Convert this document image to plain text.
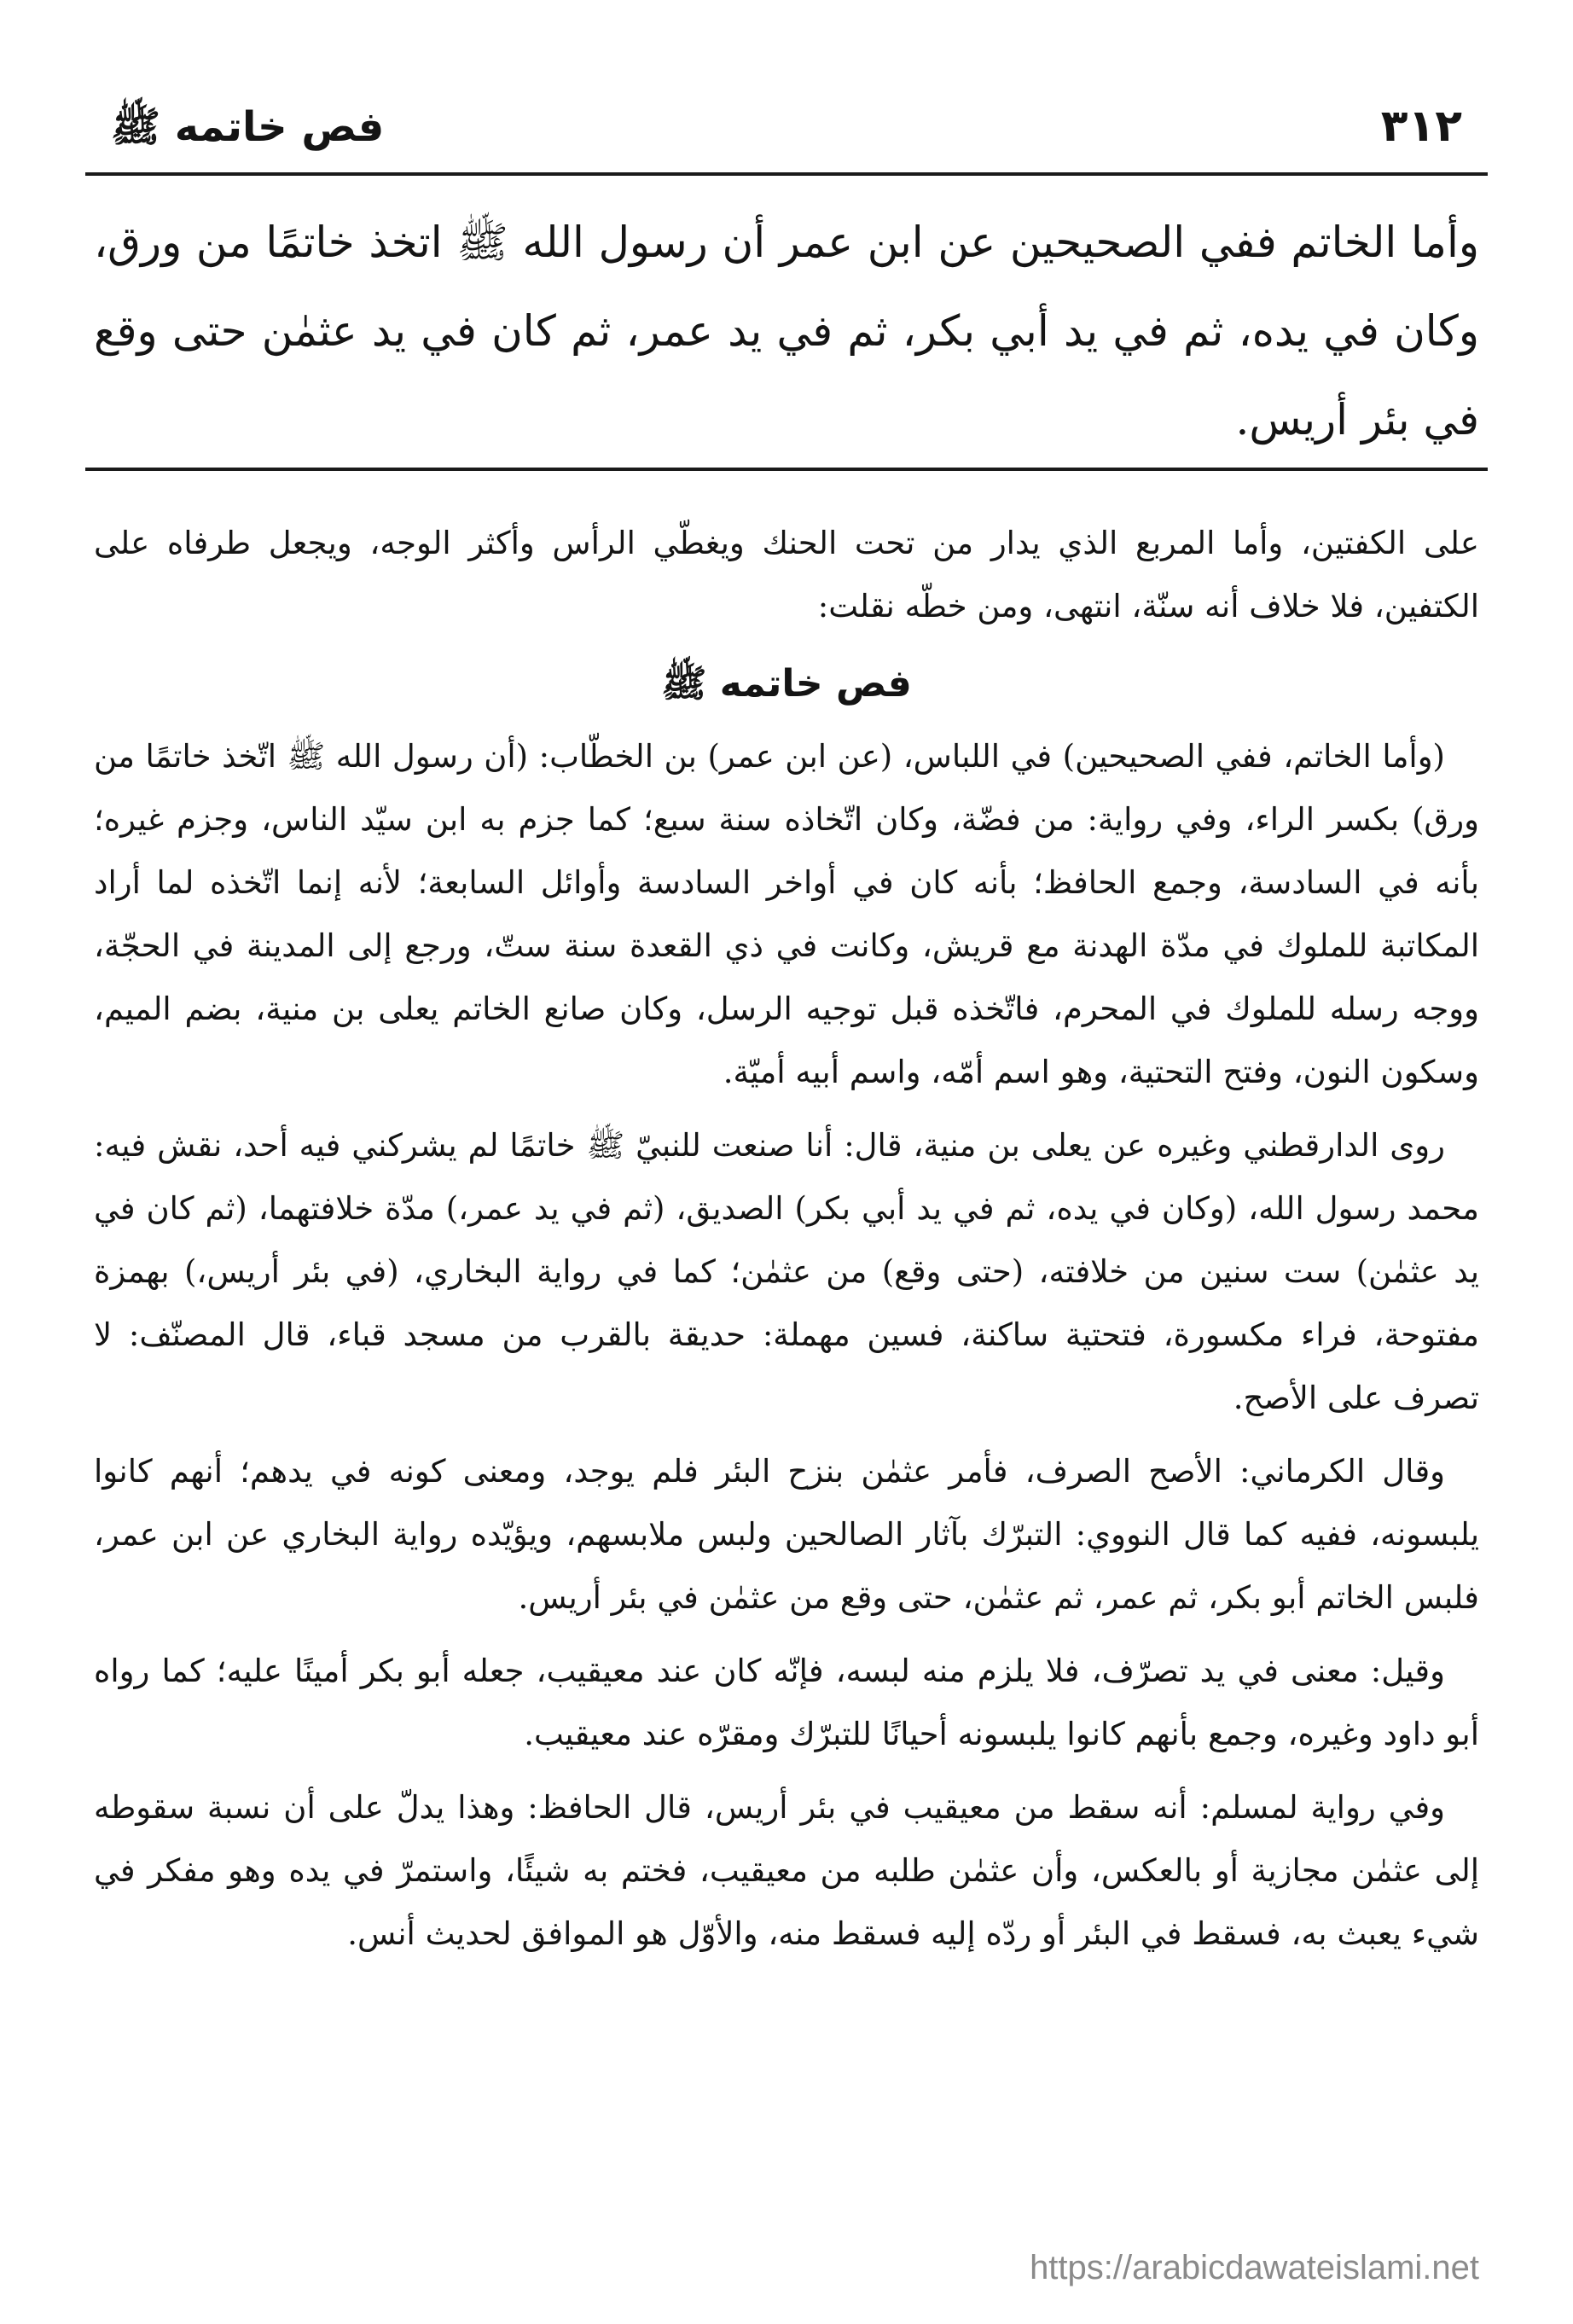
٣١٢
فص خاتمه ﷺ
وأما الخاتم ففي الصحيحين عن ابن عمر أن رسول الله ﷺ اتخذ خاتمًا من ورق، وكان في يده، ثم في يد أبي بكر، ثم في يد عمر، ثم كان في يد عثمٰن حتى وقع في بئر أريس.

على الكفتين، وأما المربع الذي يدار من تحت الحنك ويغطّي الرأس وأكثر الوجه، ويجعل طرفاه على الكتفين، فلا خلاف أنه سنّة، انتهى، ومن خطّه نقلت:

فص خاتمه ﷺ

(وأما الخاتم، ففي الصحيحين) في اللباس، (عن ابن عمر) بن الخطّاب: (أن رسول الله ﷺ اتّخذ خاتمًا من ورق) بكسر الراء، وفي رواية: من فضّة، وكان اتّخاذه سنة سبع؛ كما جزم به ابن سيّد الناس، وجزم غيره؛ بأنه في السادسة، وجمع الحافظ؛ بأنه كان في أواخر السادسة وأوائل السابعة؛ لأنه إنما اتّخذه لما أراد المكاتبة للملوك في مدّة الهدنة مع قريش، وكانت في ذي القعدة سنة ستّ، ورجع إلى المدينة في الحجّة، ووجه رسله للملوك في المحرم، فاتّخذه قبل توجيه الرسل، وكان صانع الخاتم يعلى بن منية، بضم الميم، وسكون النون، وفتح التحتية، وهو اسم أمّه، واسم أبيه أميّة.

روى الدارقطني وغيره عن يعلى بن منية، قال: أنا صنعت للنبيّ ﷺ خاتمًا لم يشركني فيه أحد، نقش فيه: محمد رسول الله، (وكان في يده، ثم في يد أبي بكر) الصديق، (ثم في يد عمر،) مدّة خلافتهما، (ثم كان في يد عثمٰن) ست سنين من خلافته، (حتى وقع) من عثمٰن؛ كما في رواية البخاري، (في بئر أريس،) بهمزة مفتوحة، فراء مكسورة، فتحتية ساكنة، فسين مهملة: حديقة بالقرب من مسجد قباء، قال المصنّف: لا تصرف على الأصح.

وقال الكرماني: الأصح الصرف، فأمر عثمٰن بنزح البئر فلم يوجد، ومعنى كونه في يدهم؛ أنهم كانوا يلبسونه، ففيه كما قال النووي: التبرّك بآثار الصالحين ولبس ملابسهم، ويؤيّده رواية البخاري عن ابن عمر، فلبس الخاتم أبو بكر، ثم عمر، ثم عثمٰن، حتى وقع من عثمٰن في بئر أريس.

وقيل: معنى في يد تصرّف، فلا يلزم منه لبسه، فإنّه كان عند معيقيب، جعله أبو بكر أمينًا عليه؛ كما رواه أبو داود وغيره، وجمع بأنهم كانوا يلبسونه أحيانًا للتبرّك ومقرّه عند معيقيب.

وفي رواية لمسلم: أنه سقط من معيقيب في بئر أريس، قال الحافظ: وهذا يدلّ على أن نسبة سقوطه إلى عثمٰن مجازية أو بالعكس، وأن عثمٰن طلبه من معيقيب، فختم به شيئًا، واستمرّ في يده وهو مفكر في شيء يعبث به، فسقط في البئر أو ردّه إليه فسقط منه، والأوّل هو الموافق لحديث أنس.

https://arabicdawateislami.net
